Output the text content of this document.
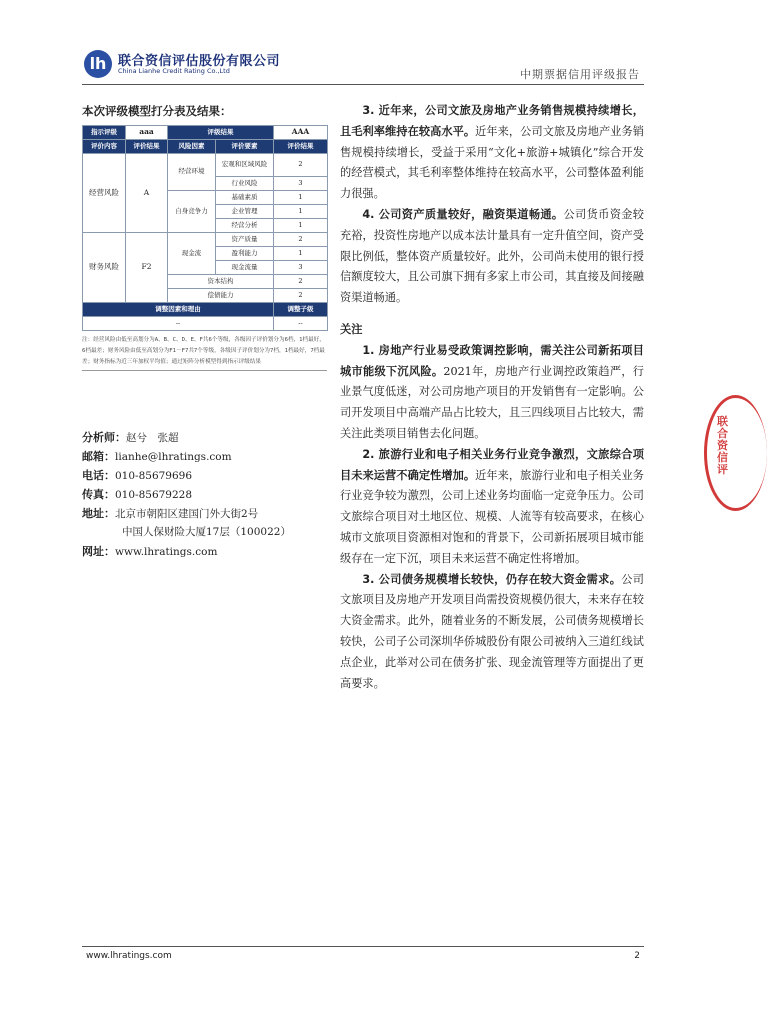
lh 联合资信评估股份有限公司
China Lianhe Credit Rating Co.,Ltd	中期票据信用评级报告
本次评级模型打分表及结果：
指示评级	aaa	评级结果		AAA
评价内容	评价结果	风险因素	评价要素	评价结果
经营风险	A	经营环境	宏观和区域风险	2
			行业风险	3
		自身竞争力	基础素质	1
			企业管理	1
			经营分析	1
财务风险	F2	现金流	资产质量	2
			盈利能力	1
			现金流量	3
		资本结构		2
		偿债能力		2
调整因素和理由				调整子级
--				--
注：经营风险由低至高划分为A、B、C、D、E、F共6个等级，各级因子评价划分为6档，1档最好，6档最差；财务风险由低至高划分为F1－F7共7个等级，各级因子评价划分为7档，1档最好，7档最差；财务指标为近三年加权平均值；通过矩阵分析模型得到指示评级结果
分析师：赵兮　张超
邮箱：lianhe@lhratings.com
电话：010-85679696
传真：010-85679228
地址：北京市朝阳区建国门外大街2号
中国人保财险大厦17层（100022）
网址：www.lhratings.com

3. 近年来，公司文旅及房地产业务销售规模持续增长，且毛利率维持在较高水平。近年来，公司文旅及房地产业务销售规模持续增长，受益于采用“文化+旅游+城镇化”综合开发的经营模式，其毛利率整体维持在较高水平，公司整体盈利能力很强。

4. 公司资产质量较好，融资渠道畅通。公司货币资金较充裕，投资性房地产以成本法计量具有一定升值空间，资产受限比例低，整体资产质量较好。此外，公司尚未使用的银行授信额度较大，且公司旗下拥有多家上市公司，其直接及间接融资渠道畅通。

关注

1. 房地产行业易受政策调控影响，需关注公司新拓项目城市能级下沉风险。2021年，房地产行业调控政策趋严，行业景气度低迷，对公司房地产项目的开发销售有一定影响。公司开发项目中高端产品占比较大，且三四线项目占比较大，需关注此类项目销售去化问题。

2. 旅游行业和电子相关业务行业竞争激烈，文旅综合项目未来运营不确定性增加。近年来，旅游行业和电子相关业务行业竞争较为激烈，公司上述业务均面临一定竞争压力。公司文旅综合项目对土地区位、规模、人流等有较高要求，在核心城市文旅项目资源相对饱和的背景下，公司新拓展项目城市能级存在一定下沉，项目未来运营不确定性将增加。

3. 公司债务规模增长较快，仍存在较大资金需求。公司文旅项目及房地产开发项目尚需投资规模仍很大，未来存在较大资金需求。此外，随着业务的不断发展，公司债务规模增长较快，公司子公司深圳华侨城股份有限公司被纳入三道红线试点企业，此举对公司在债务扩张、现金流管理等方面提出了更高要求。

联合资信评
www.lhratings.com	2
